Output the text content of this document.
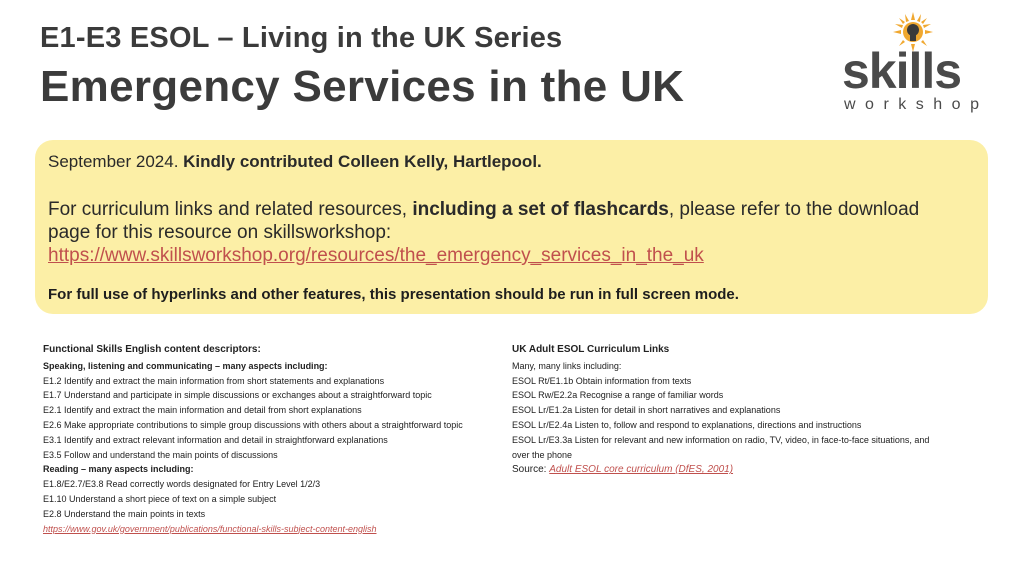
E1-E3 ESOL – Living in the UK Series
Emergency Services in the UK	skills
workshop
September 2024. Kindly contributed Colleen Kelly, Hartlepool.
For curriculum links and related resources, including a set of flashcards, please refer to the download page for this resource on skillsworkshop:
https://www.skillsworkshop.org/resources/the_emergency_services_in_the_uk
For full use of hyperlinks and other features, this presentation should be run in full screen mode.
Functional Skills English content descriptors:
Speaking, listening and communicating – many aspects including:
E1.2 Identify and extract the main information from short statements and explanations
E1.7 Understand and participate in simple discussions or exchanges about a straightforward topic
E2.1 Identify and extract the main information and detail from short explanations
E2.6 Make appropriate contributions to simple group discussions with others about a straightforward topic
E3.1 Identify and extract relevant information and detail in straightforward explanations
E3.5 Follow and understand the main points of discussions
Reading – many aspects including:
E1.8/E2.7/E3.8 Read correctly words designated for Entry Level 1/2/3
E1.10 Understand a short piece of text on a simple subject
E2.8 Understand the main points in texts
https://www.gov.uk/government/publications/functional-skills-subject-content-english
UK Adult ESOL Curriculum Links
Many, many links including:
ESOL Rt/E1.1b Obtain information from texts
ESOL Rw/E2.2a Recognise a range of familiar words
ESOL Lr/E1.2a Listen for detail in short narratives and explanations
ESOL Lr/E2.4a Listen to, follow and respond to explanations, directions and instructions
ESOL Lr/E3.3a Listen for relevant and new information on radio, TV, video, in face-to-face situations, and
over the phone
Source: Adult ESOL core curriculum (DfES, 2001)
